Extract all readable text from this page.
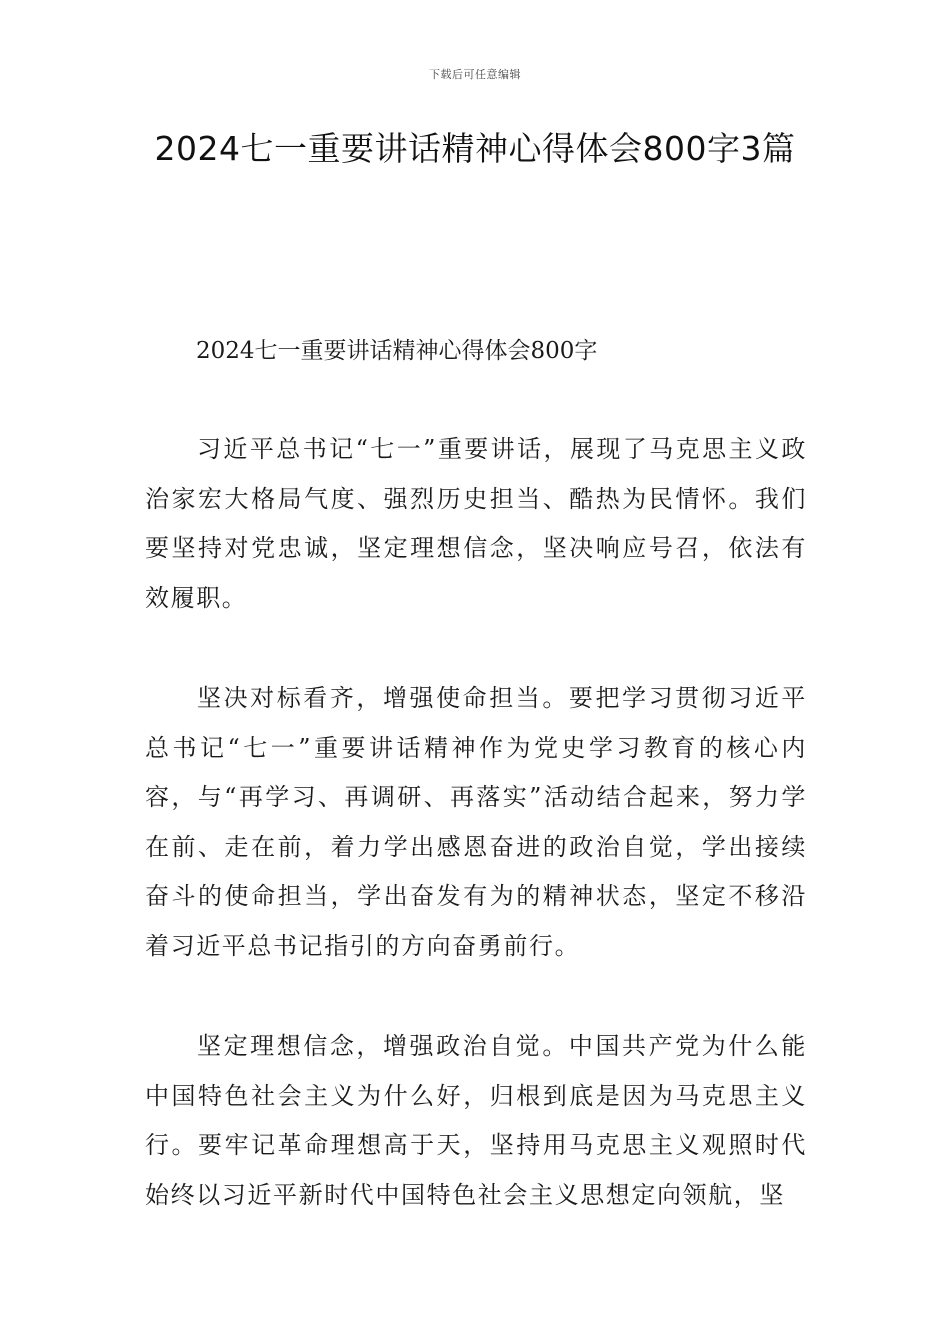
下载后可任意编辑
2024七一重要讲话精神心得体会800字3篇
2024七一重要讲话精神心得体会800字

习近平总书记“七一”重要讲话，展现了马克思主义政治家宏大格局气度、强烈历史担当、酷热为民情怀。我们要坚持对党忠诚，坚定理想信念，坚决响应号召，依法有效履职。

坚决对标看齐，增强使命担当。要把学习贯彻习近平总书记“七一”重要讲话精神作为党史学习教育的核心内容，与“再学习、再调研、再落实”活动结合起来，努力学在前、走在前，着力学出感恩奋进的政治自觉，学出接续奋斗的使命担当，学出奋发有为的精神状态，坚定不移沿着习近平总书记指引的方向奋勇前行。

坚定理想信念，增强政治自觉。中国共产党为什么能中国特色社会主义为什么好，归根到底是因为马克思主义行。要牢记革命理想高于天，坚持用马克思主义观照时代始终以习近平新时代中国特色社会主义思想定向领航，坚
